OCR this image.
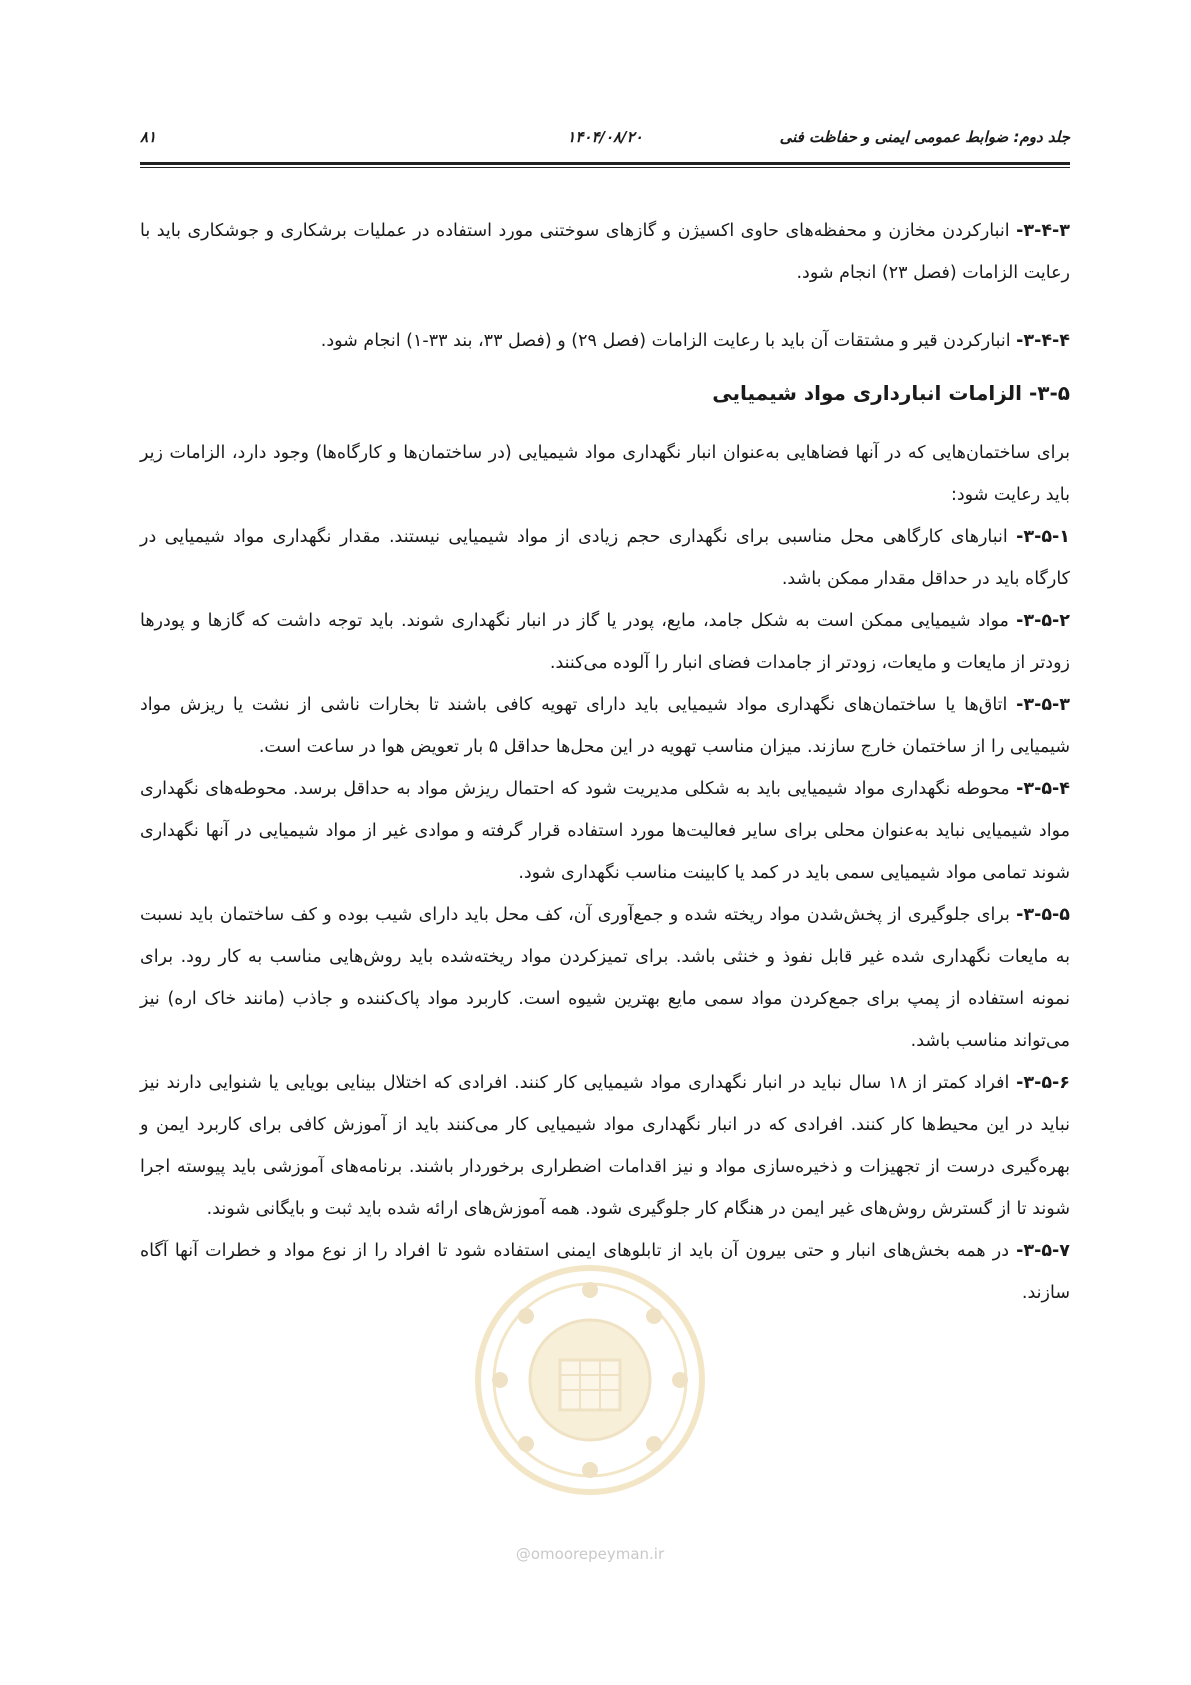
جلد دوم: ضوابط عمومی ایمنی و حفاظت فنی
۱۴۰۴/۰۸/۲۰
۸۱
@omoorepeyman.ir

۳-۴-۳- انبارکردن مخازن و محفظه‌های حاوی اکسیژن و گازهای سوختنی مورد استفاده در عملیات برشکاری و جوشکاری باید با رعایت الزامات (فصل ۲۳) انجام شود.

۳-۴-۴- انبارکردن قیر و مشتقات آن باید با رعایت الزامات (فصل ۲۹) و (فصل ۳۳، بند ۳۳-۱) انجام شود.

۳-۵- الزامات انبارداری مواد شیمیایی

برای ساختمان‌هایی که در آنها فضاهایی به‌عنوان انبار نگهداری مواد شیمیایی (در ساختمان‌ها و کارگاه‌ها) وجود دارد، الزامات زیر باید رعایت شود:

۳-۵-۱- انبارهای کارگاهی محل مناسبی برای نگهداری حجم زیادی از مواد شیمیایی نیستند. مقدار نگهداری مواد شیمیایی در کارگاه باید در حداقل مقدار ممکن باشد.

۳-۵-۲- مواد شیمیایی ممکن است به شکل جامد، مایع، پودر یا گاز در انبار نگهداری شوند. باید توجه داشت که گازها و پودرها زودتر از مایعات و مایعات، زودتر از جامدات فضای انبار را آلوده می‌کنند.

۳-۵-۳- اتاق‌ها یا ساختمان‌های نگهداری مواد شیمیایی باید دارای تهویه کافی باشند تا بخارات ناشی از نشت یا ریزش مواد شیمیایی را از ساختمان خارج سازند. میزان مناسب تهویه در این محل‌ها حداقل ۵ بار تعویض هوا در ساعت است.

۳-۵-۴- محوطه نگهداری مواد شیمیایی باید به شکلی مدیریت شود که احتمال ریزش مواد به حداقل برسد. محوطه‌های نگهداری مواد شیمیایی نباید به‌عنوان محلی برای سایر فعالیت‌ها مورد استفاده قرار گرفته و موادی غیر از مواد شیمیایی در آنها نگهداری شوند تمامی مواد شیمیایی سمی باید در کمد یا کابینت مناسب نگهداری شود.

۳-۵-۵- برای جلوگیری از پخش‌شدن مواد ریخته شده و جمع‌آوری آن، کف محل باید دارای شیب بوده و کف ساختمان باید نسبت به مایعات نگهداری شده غیر قابل نفوذ و خنثی باشد. برای تمیزکردن مواد ریخته‌شده باید روش‌هایی مناسب به کار رود. برای نمونه استفاده از پمپ برای جمع‌کردن مواد سمی مایع بهترین شیوه است. کاربرد مواد پاک‌کننده و جاذب (مانند خاک اره) نیز می‌تواند مناسب باشد.

۳-۵-۶- افراد کمتر از ۱۸ سال نباید در انبار نگهداری مواد شیمیایی کار کنند. افرادی که اختلال بینایی بویایی یا شنوایی دارند نیز نباید در این محیط‌ها کار کنند. افرادی که در انبار نگهداری مواد شیمیایی کار می‌کنند باید از آموزش کافی برای کاربرد ایمن و بهره‌گیری درست از تجهیزات و ذخیره‌سازی مواد و نیز اقدامات اضطراری برخوردار باشند. برنامه‌های آموزشی باید پیوسته اجرا شوند تا از گسترش روش‌های غیر ایمن در هنگام کار جلوگیری شود. همه آموزش‌های ارائه شده باید ثبت و بایگانی شوند.

۳-۵-۷- در همه بخش‌های انبار و حتی بیرون آن باید از تابلوهای ایمنی استفاده شود تا افراد را از نوع مواد و خطرات آنها آگاه سازند.
